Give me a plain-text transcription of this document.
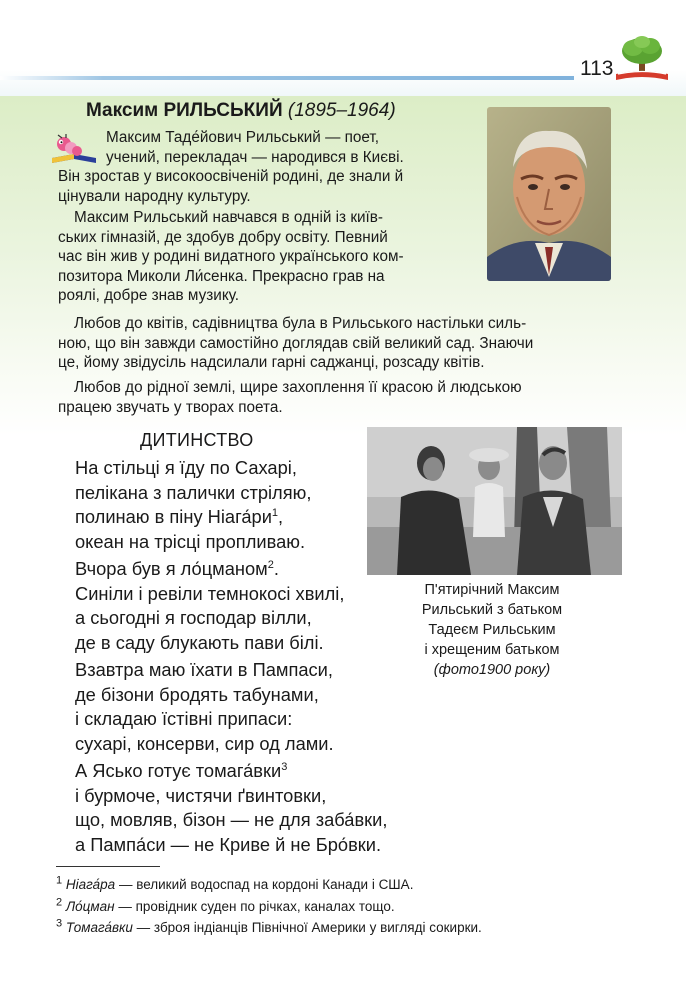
113
Максим РИЛЬСЬКИЙ (1895–1964)
Максим Таде́йович Рильський — поет,
учений, перекладач — народився в Києві.
Він зростав у високоосвіченій родині, де знали й
цінували народну культуру.
Максим Рильський навчався в одній із київ-
ських гімназій, де здобув добру освіту. Певний
час він жив у родині видатного українського ком-
позитора Миколи Ли́сенка. Прекрасно грав на
роялі, добре знав музику.
Любов до квітів, садівництва була в Рильського настільки силь-
ною, що він завжди самостійно доглядав свій великий сад. Знаючи
це, йому звідусіль надсилали гарні саджанці, розсаду квітів.
Любов до рідної землі, щире захоплення її красою й людською
працею звучать у творах поета.
П'ятирічний Максим
Рильський з батьком
Тадеєм Рильським
і хрещеним батьком
(фото1900 року)
ДИТИНСТВО
На стільці я їду по Сахарі,
пелікана з палички стріляю,
полинаю в піну $Ніага́ри^1$,
океан на трісці пропливаю.
Вчора був я ло́цманом$^2$.
Синіли і ревіли темнокосі хвилі,
а сьогодні я господар вілли,
де в саду блукають пави білі.
Взавтра маю їхати в Пампаси,
де бізони бродять табунами,
і складаю їстівні припаси:
сухарі, консерви, сир од лами.
А Ясько готує томага́вки$^3$
і бурмоче, чистячи ґвинтовки,
що, мовляв, бізон — не для заба́вки,
а Пампа́си — не Криве й не Бро́вки.
$^1$ Ніага́ра — великий водоспад на кордоні Канади і США.
$^2$ Ло́цман — провідник суден по річках, каналах тощо.
$^3$ Томага́вки — зброя індіанців Північної Америки у вигляді сокирки.
